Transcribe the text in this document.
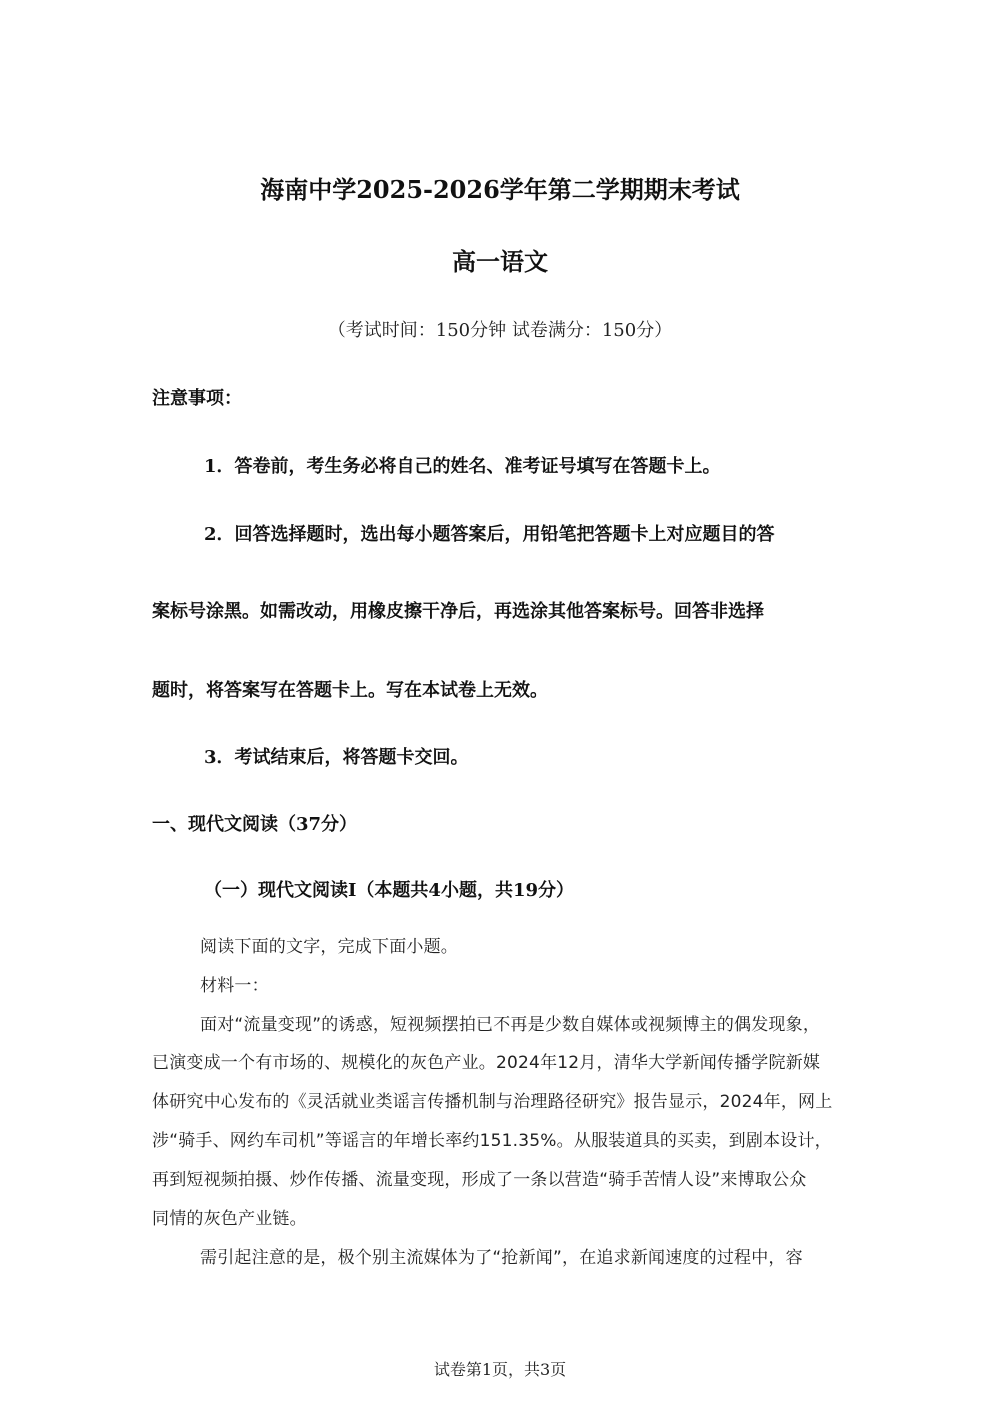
海南中学2025-2026学年第二学期期末考试
高一语文
（考试时间：150分钟 试卷满分：150分）
注意事项：
1．答卷前，考生务必将自己的姓名、准考证号填写在答题卡上。
2．回答选择题时，选出每小题答案后，用铅笔把答题卡上对应题目的答
案标号涂黑。如需改动，用橡皮擦干净后，再选涂其他答案标号。回答非选择
题时，将答案写在答题卡上。写在本试卷上无效。
3．考试结束后，将答题卡交回。
一、现代文阅读（37分）
（一）现代文阅读Ⅰ（本题共4小题，共19分）
阅读下面的文字，完成下面小题。
材料一：
面对“流量变现”的诱惑，短视频摆拍已不再是少数自媒体或视频博主的偶发现象，
已演变成一个有市场的、规模化的灰色产业。2024年12月，清华大学新闻传播学院新媒
体研究中心发布的《灵活就业类谣言传播机制与治理路径研究》报告显示，2024年，网上
涉“骑手、网约车司机”等谣言的年增长率约151.35%。从服装道具的买卖，到剧本设计，
再到短视频拍摄、炒作传播、流量变现，形成了一条以营造“骑手苦情人设”来博取公众
同情的灰色产业链。
需引起注意的是，极个别主流媒体为了“抢新闻”，在追求新闻速度的过程中，容
试卷第1页，共3页
